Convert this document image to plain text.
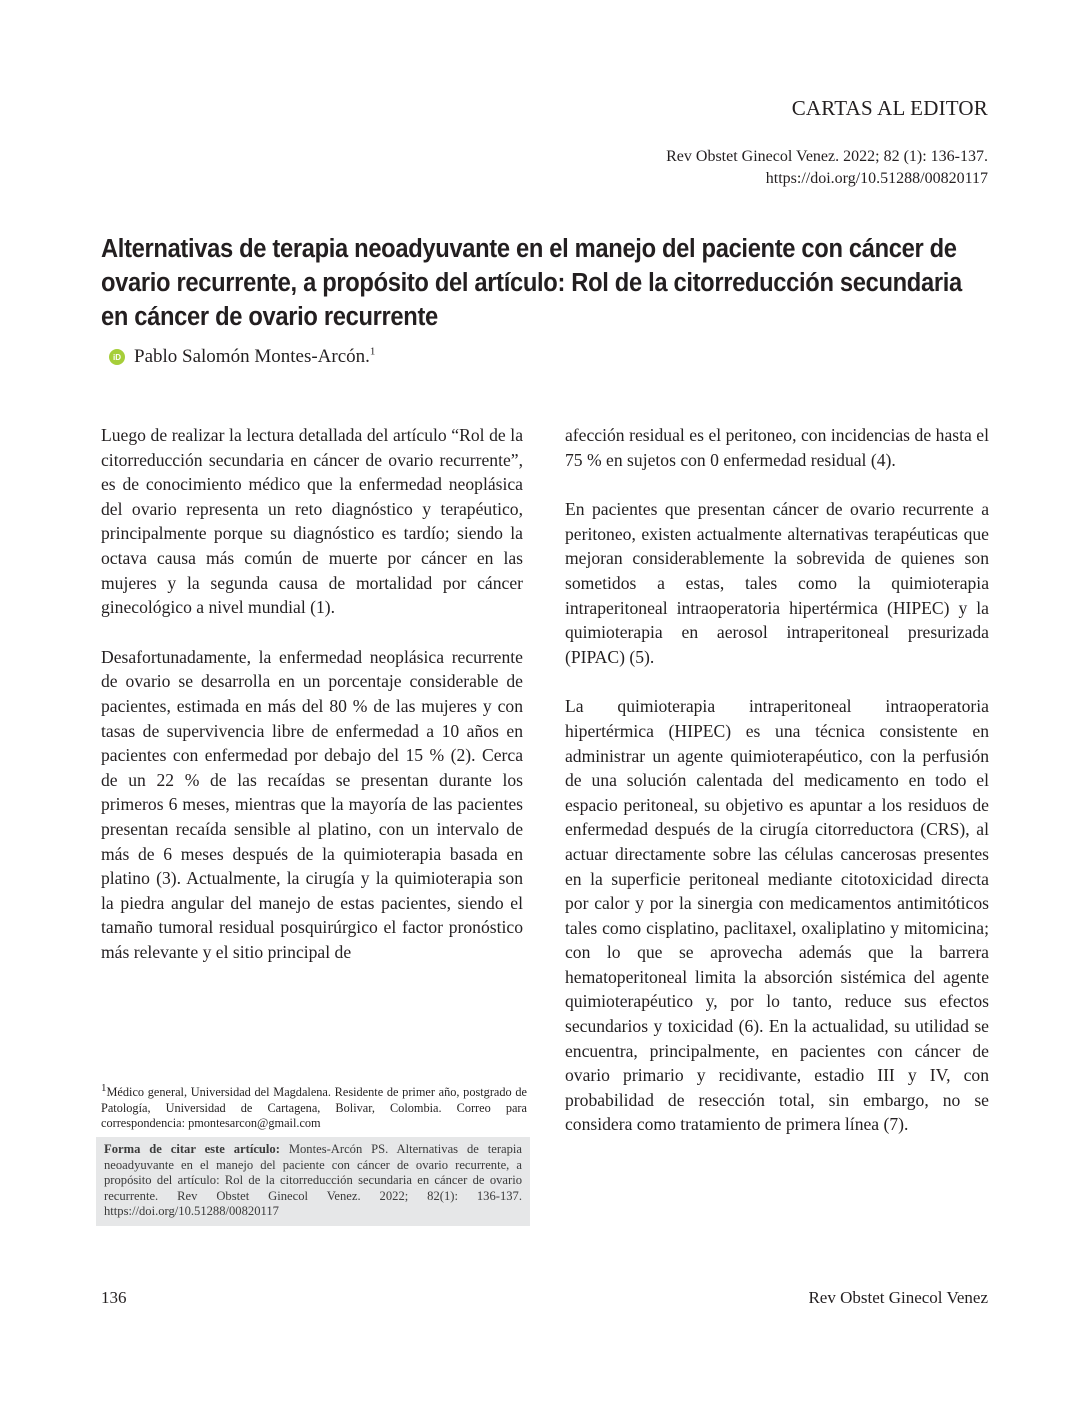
CARTAS AL EDITOR
Rev Obstet Ginecol Venez. 2022; 82 (1): 136-137.
https://doi.org/10.51288/00820117
Alternativas de terapia neoadyuvante en el manejo del paciente con cáncer de ovario recurrente, a propósito del artículo: Rol de la citorreducción secundaria en cáncer de ovario recurrente
iD Pablo Salomón Montes-Arcón.$^1$

Luego de realizar la lectura detallada del artículo “Rol de la citorreducción secundaria en cáncer de ovario recurrente”, es de conocimiento médico que la enfermedad neoplásica del ovario representa un reto diagnóstico y terapéutico, principalmente porque su diagnóstico es tardío; siendo la octava causa más común de muerte por cáncer en las mujeres y la segunda causa de mortalidad por cáncer ginecológico a nivel mundial (1).

Desafortunadamente, la enfermedad neoplásica recurrente de ovario se desarrolla en un porcentaje considerable de pacientes, estimada en más del 80 % de las mujeres y con tasas de supervivencia libre de enfermedad a 10 años en pacientes con enfermedad por debajo del 15 % (2). Cerca de un 22 % de las recaídas se presentan durante los primeros 6 meses, mientras que la mayoría de las pacientes presentan recaída sensible al platino, con un intervalo de más de 6 meses después de la quimioterapia basada en platino (3). Actualmente, la cirugía y la quimioterapia son la piedra angular del manejo de estas pacientes, siendo el tamaño tumoral residual posquirúrgico el factor pronóstico más relevante y el sitio principal de

afección residual es el peritoneo, con incidencias de hasta el 75 % en sujetos con 0 enfermedad residual (4).

En pacientes que presentan cáncer de ovario recurrente a peritoneo, existen actualmente alternativas terapéuticas que mejoran considerablemente la sobrevida de quienes son sometidos a estas, tales como la quimioterapia intraperitoneal intraoperatoria hipertérmica (HIPEC) y la quimioterapia en aerosol intraperitoneal presurizada (PIPAC) (5).

La quimioterapia intraperitoneal intraoperatoria hipertérmica (HIPEC) es una técnica consistente en administrar un agente quimioterapéutico, con la perfusión de una solución calentada del medicamento en todo el espacio peritoneal, su objetivo es apuntar a los residuos de enfermedad después de la cirugía citorreductora (CRS), al actuar directamente sobre las células cancerosas presentes en la superficie peritoneal mediante citotoxicidad directa por calor y por la sinergia con medicamentos antimitóticos tales como cisplatino, paclitaxel, oxaliplatino y mitomicina; con lo que se aprovecha además que la barrera hematoperitoneal limita la absorción sistémica del agente quimioterapéutico y, por lo tanto, reduce sus efectos secundarios y toxicidad (6). En la actualidad, su utilidad se encuentra, principalmente, en pacientes con cáncer de ovario primario y recidivante, estadio III y IV, con probabilidad de resección total, sin embargo, no se considera como tratamiento de primera línea (7).

$^1$Médico general, Universidad del Magdalena. Residente de primer año, postgrado de Patología, Universidad de Cartagena, Bolivar, Colombia. Correo para correspondencia: pmontesarcon@gmail.com
Forma de citar este artículo: Montes-Arcón PS. Alternativas de terapia neoadyuvante en el manejo del paciente con cáncer de ovario recurrente, a propósito del artículo: Rol de la citorreducción secundaria en cáncer de ovario recurrente. Rev Obstet Ginecol Venez. 2022; 82(1): 136-137. https://doi.org/10.51288/00820117
136	Rev Obstet Ginecol Venez
